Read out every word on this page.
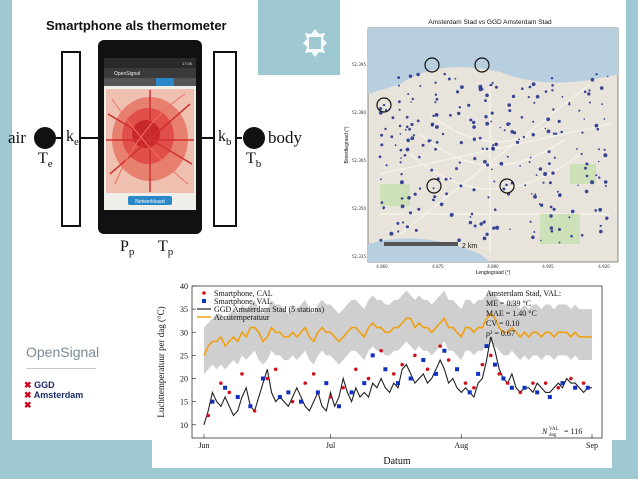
Smartphone als thermometer
Netwerkkaart
OpenSignal
17:06
air	body
$k_e$	$k_b$
$T_e$	$T_b$
$P_p$ $T_p$
Amsterdam Stad vs GGD Amsterdam Stad
2 km
Breedtegraad (°)
Lengtegraad (°)
52.395
52.380
52.365
52.350
52.335
4.860	4.875	4.890	4.905	4.920
OpenSignal
✖ GGD
✖ Amsterdam
✖
10
15
20
25
30
35
40
Jun	Jul	Aug	Sep
Luchttemperatuur per dag (°C)
Datum
Smartphone, CAL
Smartphone, VAL
GGD Amsterdam Stad (5 stations)
Accutemperatuur
Amsterdam Stad, VAL:
ME = 0.39 °C
MAE = 1.40 °C
CV = 0.10
ρ² = 0.67
N VAL
dag = 116
